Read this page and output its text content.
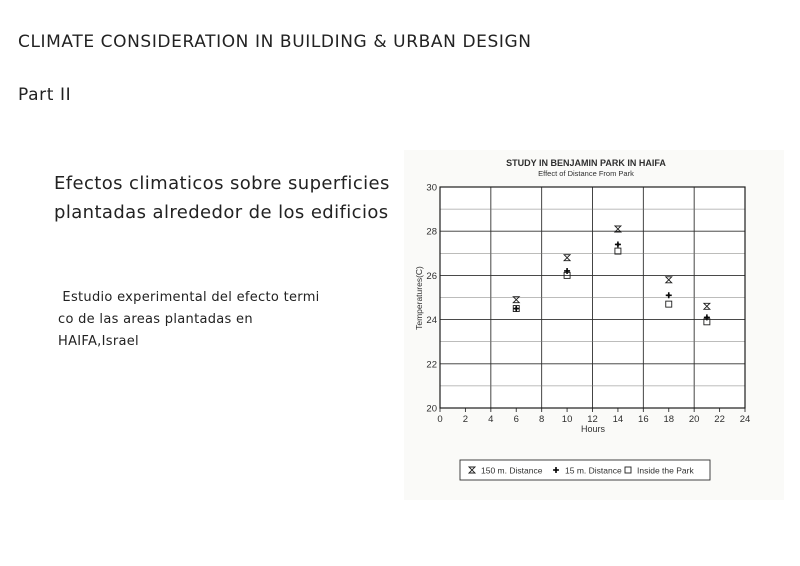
CLIMATE CONSIDERATION IN BUILDING & URBAN DESIGN
Part II
Efectos climaticos sobre superficies
plantadas alrededor de los edificios
Estudio experimental del efecto termi
co de las areas plantadas en
HAIFA,Israel
STUDY IN BENJAMIN PARK IN HAIFA
Effect of Distance From Park
Hours
Temperatures(C)
0 2 4 6 8 10 12 14 16 18 20 22 24
20
22
24
26
28
30
150 m. Distance	15 m. Distance Inside the Park
